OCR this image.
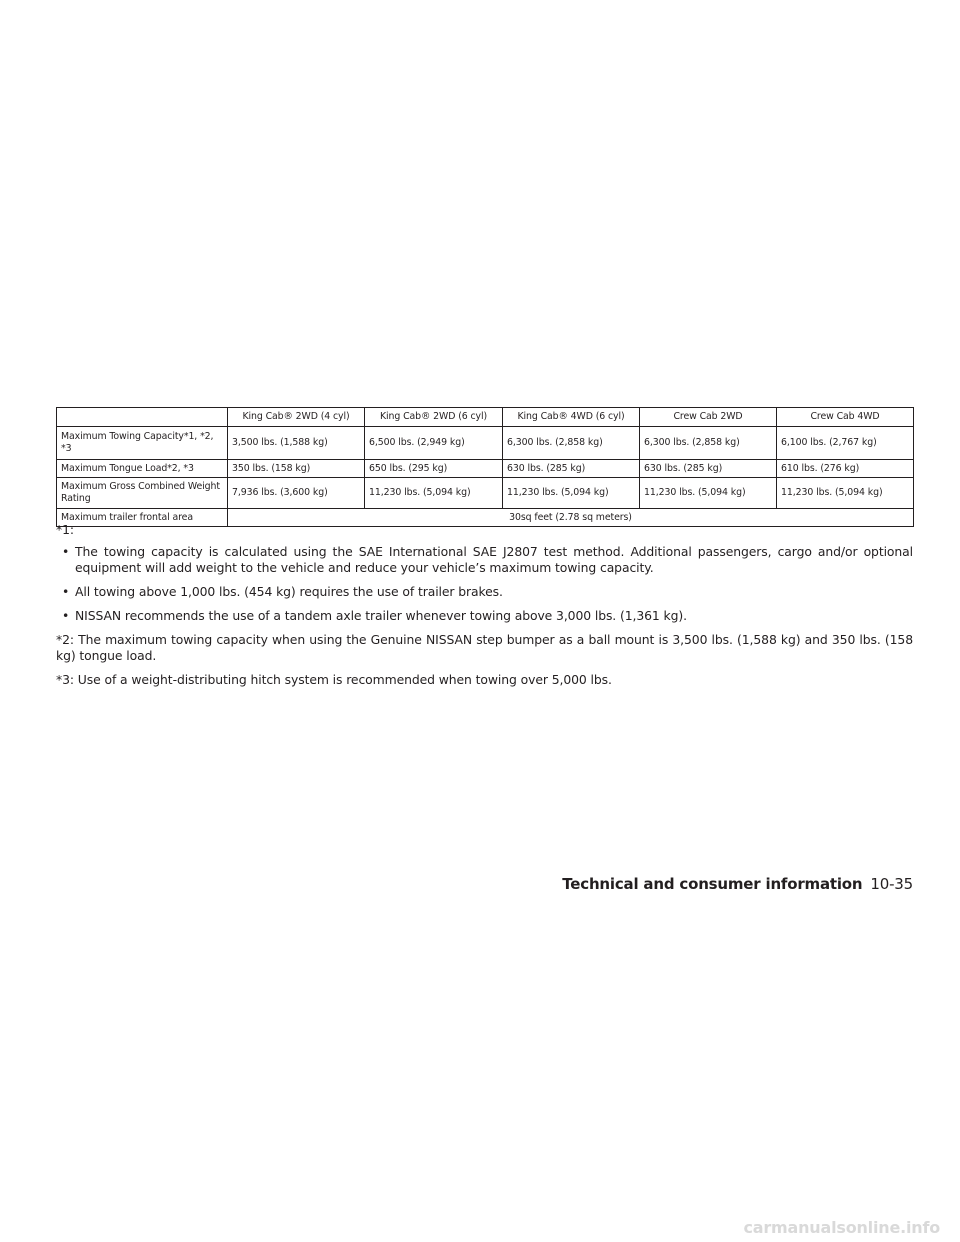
	King Cab® 2WD (4 cyl)	King Cab® 2WD (6 cyl)	King Cab® 4WD (6 cyl)	Crew Cab 2WD	Crew Cab 4WD
Maximum Towing Capacity*1, *2, *3	3,500 lbs. (1,588 kg)	6,500 lbs. (2,949 kg)	6,300 lbs. (2,858 kg)	6,300 lbs. (2,858 kg)	6,100 lbs. (2,767 kg)
Maximum Tongue Load*2, *3	350 lbs. (158 kg)	650 lbs. (295 kg)	630 lbs. (285 kg)	630 lbs. (285 kg)	610 lbs. (276 kg)
Maximum Gross Combined Weight Rating	7,936 lbs. (3,600 kg)	11,230 lbs. (5,094 kg)	11,230 lbs. (5,094 kg)	11,230 lbs. (5,094 kg)	11,230 lbs. (5,094 kg)
Maximum trailer frontal area	30sq feet (2.78 sq meters)				

*1:

• The towing capacity is calculated using the SAE International SAE J2807 test method. Additional passengers, cargo and/or optional equipment will add weight to the vehicle and reduce your vehicle’s maximum towing capacity.
• All towing above 1,000 lbs. (454 kg) requires the use of trailer brakes.
• NISSAN recommends the use of a tandem axle trailer whenever towing above 3,000 lbs. (1,361 kg).

*2: The maximum towing capacity when using the Genuine NISSAN step bumper as a ball mount is 3,500 lbs. (1,588 kg) and 350 lbs. (158 kg) tongue load.

*3: Use of a weight-distributing hitch system is recommended when towing over 5,000 lbs.

Technical and consumer information 10-35
carmanualsonline.info
